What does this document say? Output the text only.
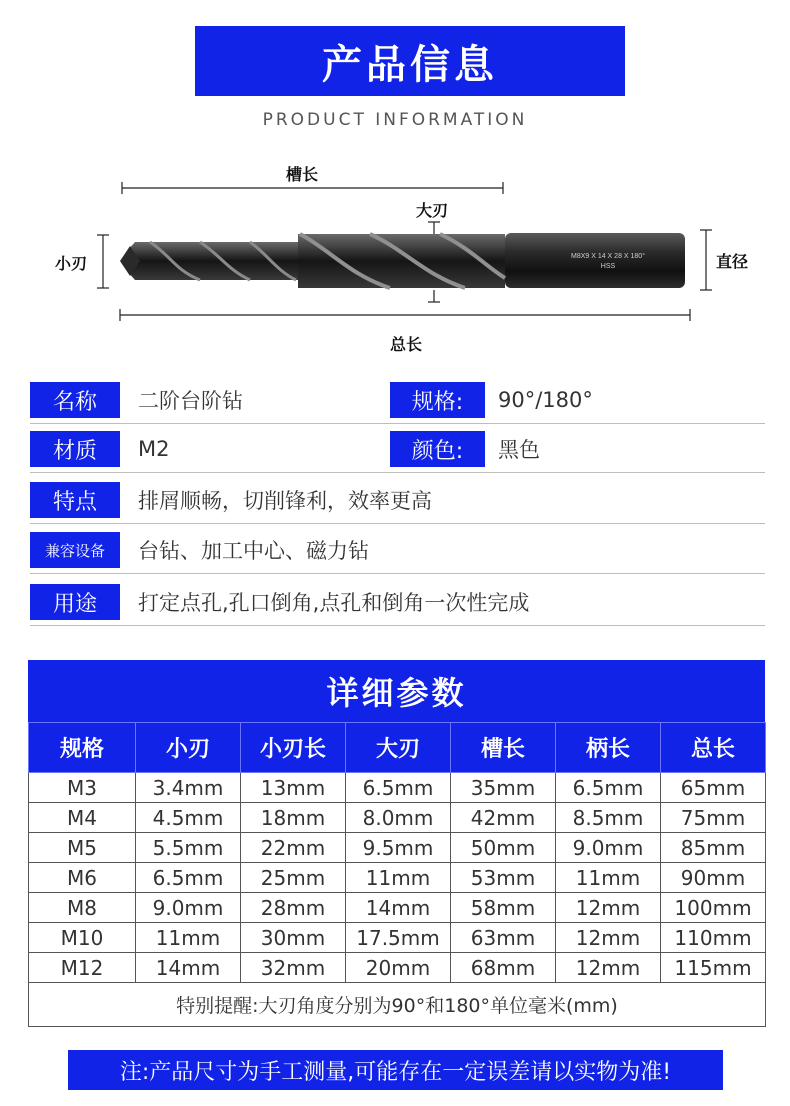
产品信息
PRODUCT INFORMATION
M8X9 X 14 X 28 X 180°
HSS
槽长
大刃
小刃	直径
总长
名称	二阶台阶钻	规格:	90°/180°
材质	M2	颜色:	黑色
特点	排屑顺畅，切削锋利，效率更高
兼容设备	台钻、加工中心、磁力钻
用途	打定点孔,孔口倒角,点孔和倒角一次性完成
详细参数
规格	小刃	小刃长	大刃	槽长	柄长	总长
M3	3.4mm	13mm	6.5mm	35mm	6.5mm	65mm
M4	4.5mm	18mm	8.0mm	42mm	8.5mm	75mm
M5	5.5mm	22mm	9.5mm	50mm	9.0mm	85mm
M6	6.5mm	25mm	11mm	53mm	11mm	90mm
M8	9.0mm	28mm	14mm	58mm	12mm	100mm
M10	11mm	30mm	17.5mm	63mm	12mm	110mm
M12	14mm	32mm	20mm	68mm	12mm	115mm
特别提醒:大刃角度分别为90°和180°单位毫米(mm)						
注:产品尺寸为手工测量,可能存在一定误差请以实物为准!
